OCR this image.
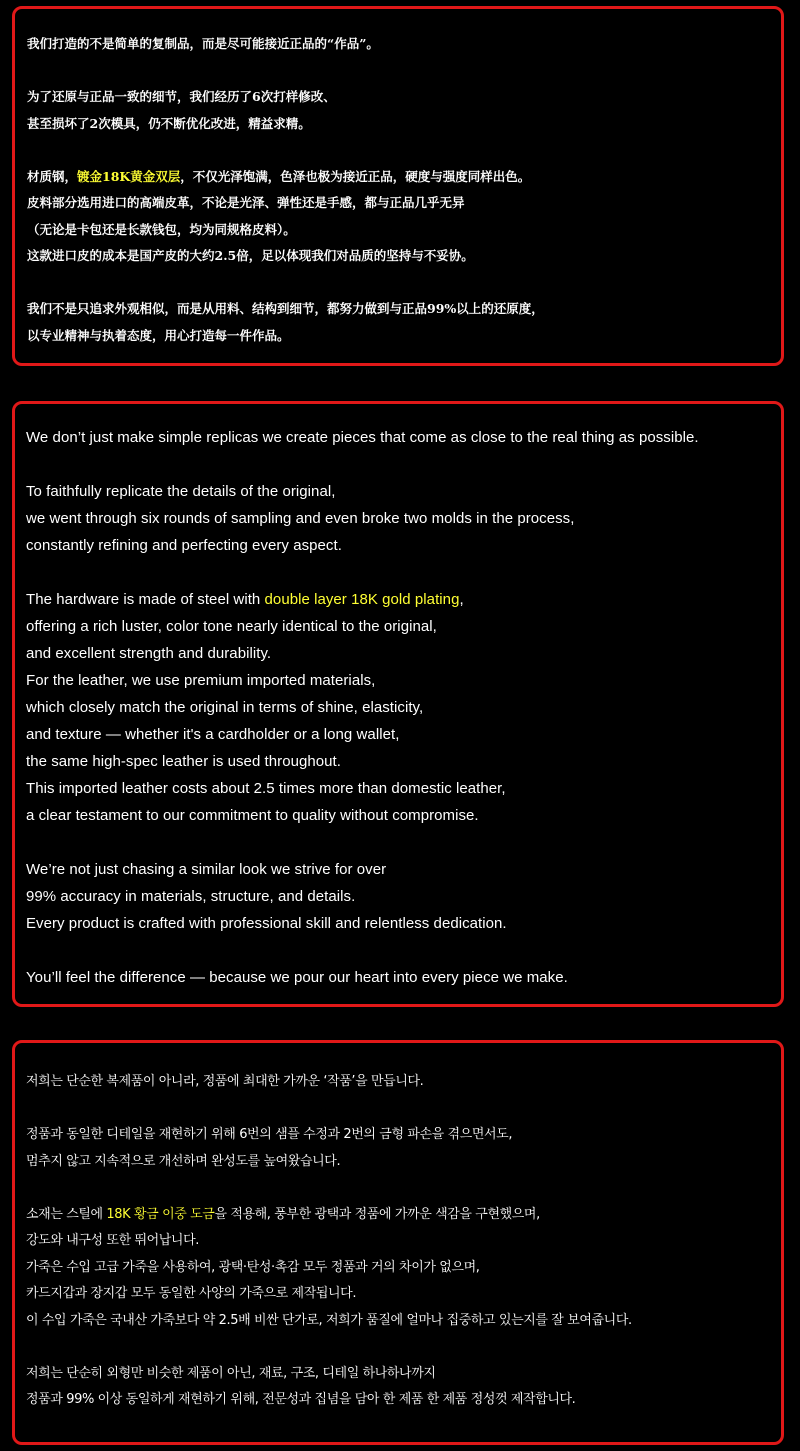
我们打造的不是简单的复制品，而是尽可能接近正品的“作品”。

为了还原与正品一致的细节，我们经历了6次打样修改、

甚至损坏了2次模具，仍不断优化改进，精益求精。

材质钢，镀金18K黄金双层，不仅光泽饱满，色泽也极为接近正品，硬度与强度同样出色。

皮料部分选用进口的高端皮革，不论是光泽、弹性还是手感，都与正品几乎无异

（无论是卡包还是长款钱包，均为同规格皮料）。

这款进口皮的成本是国产皮的大约2.5倍，足以体现我们对品质的坚持与不妥协。

我们不是只追求外观相似，而是从用料、结构到细节，都努力做到与正品99%以上的还原度，

以专业精神与执着态度，用心打造每一件作品。

We don’t just make simple replicas we create pieces that come as close to the real thing as possible.

To faithfully replicate the details of the original,

we went through six rounds of sampling and even broke two molds in the process,

constantly refining and perfecting every aspect.

The hardware is made of steel with double layer 18K gold plating,

offering a rich luster, color tone nearly identical to the original,

and excellent strength and durability.

For the leather, we use premium imported materials,

which closely match the original in terms of shine, elasticity,

and texture — whether it's a cardholder or a long wallet,

the same high-spec leather is used throughout.

This imported leather costs about 2.5 times more than domestic leather,

a clear testament to our commitment to quality without compromise.

We’re not just chasing a similar look we strive for over

99% accuracy in materials, structure, and details.

Every product is crafted with professional skill and relentless dedication.

You’ll feel the difference — because we pour our heart into every piece we make.

저희는 단순한 복제품이 아니라, 정품에 최대한 가까운 ‘작품’을 만듭니다.

정품과 동일한 디테일을 재현하기 위해 6번의 샘플 수정과 2번의 금형 파손을 겪으면서도,

멈추지 않고 지속적으로 개선하며 완성도를 높여왔습니다.

소재는 스틸에 18K 황금 이중 도금을 적용해, 풍부한 광택과 정품에 가까운 색감을 구현했으며,

강도와 내구성 또한 뛰어납니다.

가죽은 수입 고급 가죽을 사용하여, 광택·탄성·촉감 모두 정품과 거의 차이가 없으며,

카드지갑과 장지갑 모두 동일한 사양의 가죽으로 제작됩니다.

이 수입 가죽은 국내산 가죽보다 약 2.5배 비싼 단가로, 저희가 품질에 얼마나 집중하고 있는지를 잘 보여줍니다.

저희는 단순히 외형만 비슷한 제품이 아닌, 재료, 구조, 디테일 하나하나까지

정품과 99% 이상 동일하게 재현하기 위해, 전문성과 집념을 담아 한 제품 한 제품 정성껏 제작합니다.
